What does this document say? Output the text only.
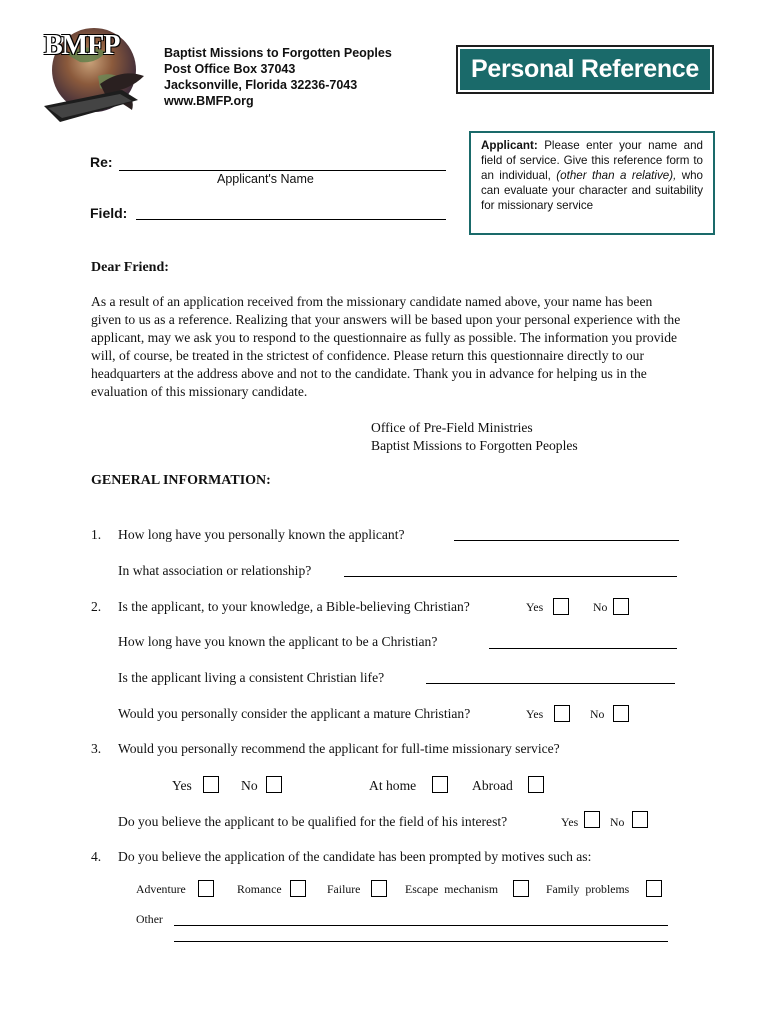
BMFP	Baptist Missions to Forgotten Peoples
Post Office Box 37043
Jacksonville, Florida 32236-7043
www.BMFP.org
Personal Reference
Applicant: Please enter your name and field of service. Give this reference form to an individual, (other than a relative), who can evaluate your character and suitability for missionary service
Re:
Applicant's Name
Field:
Dear Friend:
As a result of an application received from the missionary candidate named above, your name has been given to us as a reference. Realizing that your answers will be based upon your personal experience with the applicant, may we ask you to respond to the questionnaire as fully as possible. The information you provide will, of course, be treated in the strictest of confidence. Please return this questionnaire directly to our headquarters at the address above and not to the candidate. Thank you in advance for helping us in the evaluation of this missionary candidate.
Office of Pre-Field Ministries
Baptist Missions to Forgotten Peoples
GENERAL INFORMATION:
1. How long have you personally known the applicant?
In what association or relationship?
2. Is the applicant, to your knowledge, a Bible-believing Christian?	Yes	No
How long have you known the applicant to be a Christian?
Is the applicant living a consistent Christian life?
Would you personally consider the applicant a mature Christian?	Yes	No
3. Would you personally recommend the applicant for full-time missionary service?
Yes	No	At home	Abroad
Do you believe the applicant to be qualified for the field of his interest?	Yes	No
4. Do you believe the application of the candidate has been prompted by motives such as:
Adventure	Romance	Failure	Escape  mechanism	Family  problems
Other
